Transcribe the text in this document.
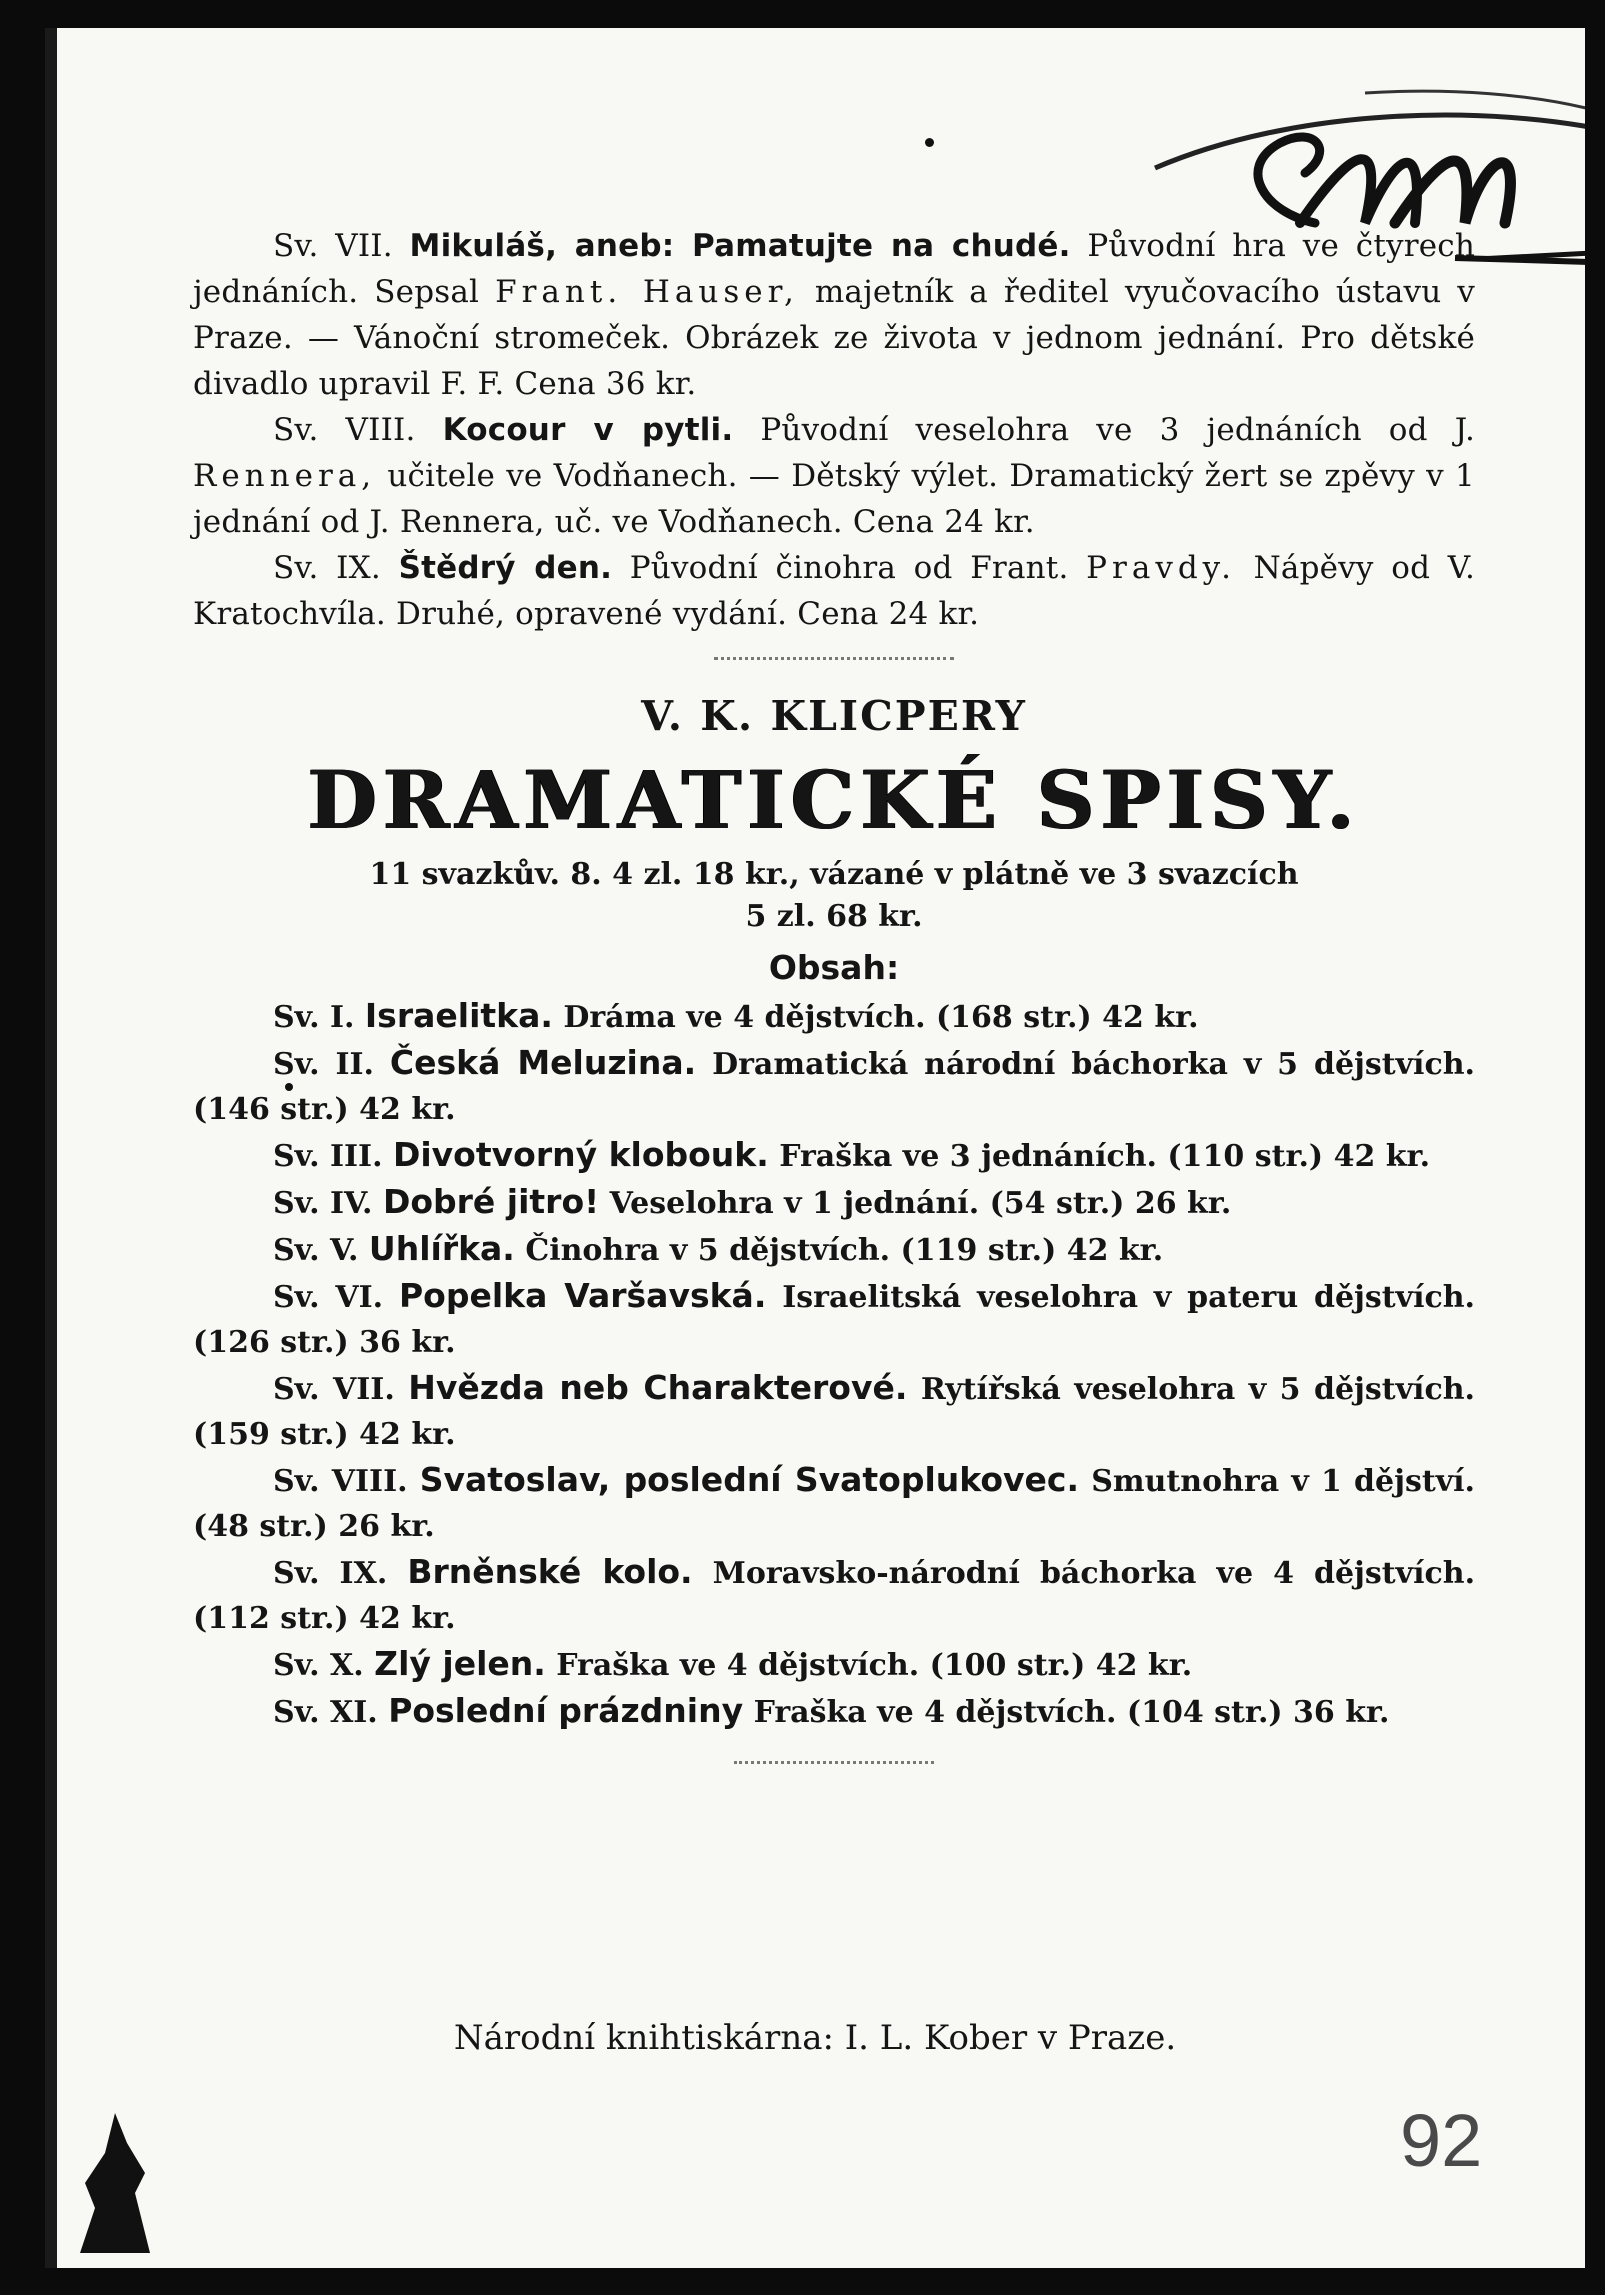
Sv. VII. Mikuláš, aneb: Pamatujte na chudé. Původní hra ve čtyrech jednáních. Sepsal Frant. Hauser, majetník a ředitel vyučovacího ústavu v Praze. — Vánoční stromeček. Obrázek ze života v jednom jednání. Pro dětské divadlo upravil F. F. Cena 36 kr.

Sv. VIII. Kocour v pytli. Původní veselohra ve 3 jednáních od J. Rennera, učitele ve Vodňanech. — Dětský výlet. Dramatický žert se zpěvy v 1 jednání od J. Rennera, uč. ve Vodňanech. Cena 24 kr.

Sv. IX. Štědrý den. Původní činohra od Frant. Pravdy. Nápěvy od V. Kratochvíla. Druhé, opravené vydání. Cena 24 kr.

V. K. KLICPERY

DRAMATICKÉ SPISY.

11 svazkův. 8. 4 zl. 18 kr., vázané v plátně ve 3 svazcích

5 zl. 68 kr.

Obsah:

Sv. I. Israelitka. Dráma ve 4 dějstvích. (168 str.) 42 kr.

Sv. II. Česká Meluzina. Dramatická národní báchorka v 5 dějstvích. (146 str.) 42 kr.

Sv. III. Divotvorný klobouk. Fraška ve 3 jednáních. (110 str.) 42 kr.

Sv. IV. Dobré jitro! Veselohra v 1 jednání. (54 str.) 26 kr.

Sv. V. Uhlířka. Činohra v 5 dějstvích. (119 str.) 42 kr.

Sv. VI. Popelka Varšavská. Israelitská veselohra v pateru dějstvích. (126 str.) 36 kr.

Sv. VII. Hvězda neb Charakterové. Rytířská veselohra v 5 dějstvích. (159 str.) 42 kr.

Sv. VIII. Svatoslav, poslední Svatoplukovec. Smutnohra v 1 dějství. (48 str.) 26 kr.

Sv. IX. Brněnské kolo. Moravsko-národní báchorka ve 4 dějstvích. (112 str.) 42 kr.

Sv. X. Zlý jelen. Fraška ve 4 dějstvích. (100 str.) 42 kr.

Sv. XI. Poslední prázdniny Fraška ve 4 dějstvích. (104 str.) 36 kr.

Národní knihtiskárna: I. L. Kober v Praze.

92
